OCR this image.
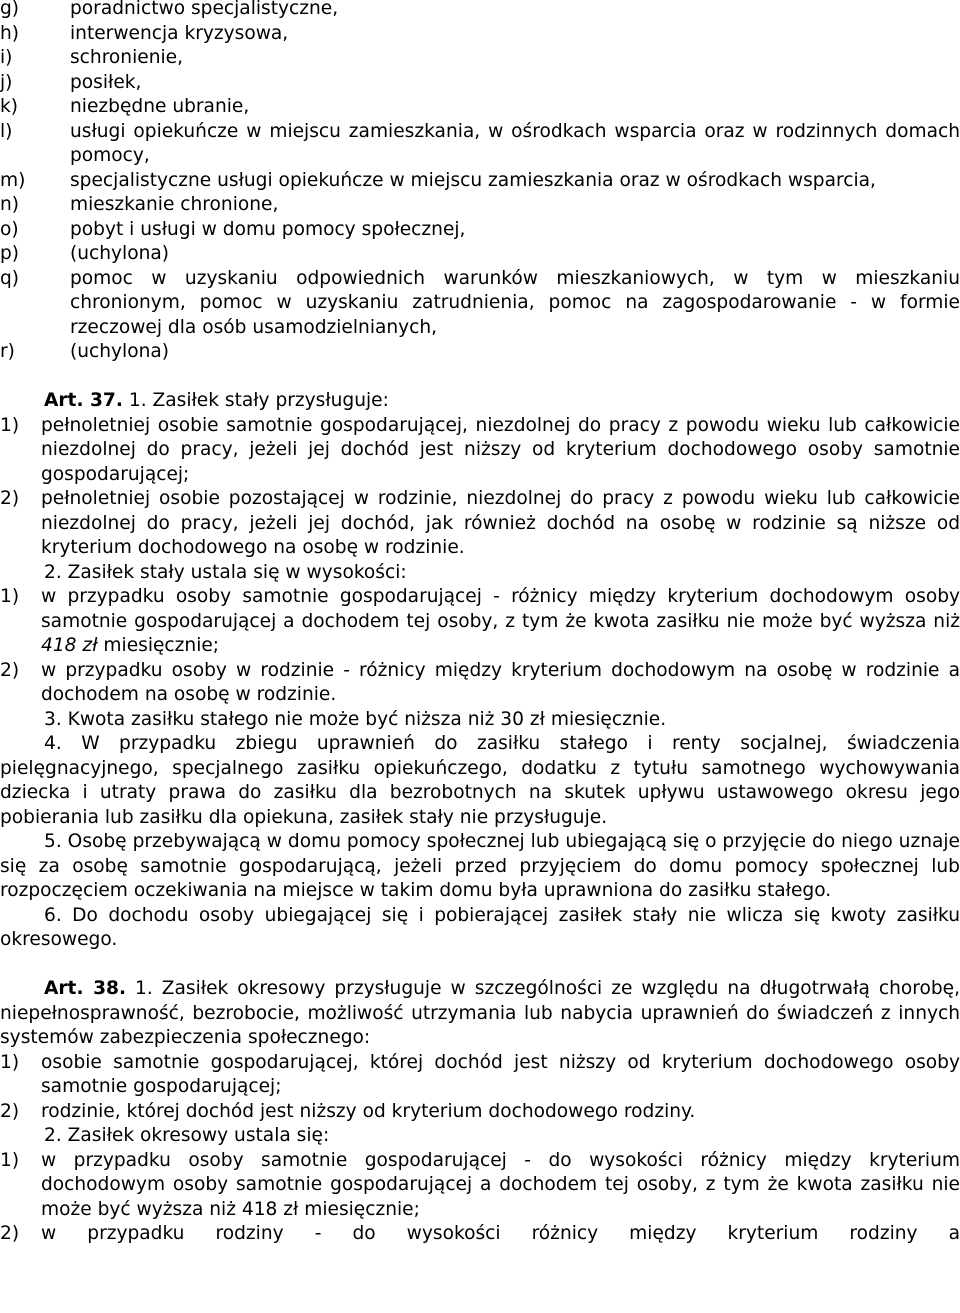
g)	poradnictwo specjalistyczne,
h)	interwencja kryzysowa,
i)	schronienie,
j)	posiłek,
k)	niezbędne ubranie,
l)	usługi opiekuńcze w miejscu zamieszkania, w ośrodkach wsparcia oraz w rodzinnych domach pomocy,
m)	specjalistyczne usługi opiekuńcze w miejscu zamieszkania oraz w ośrodkach wsparcia,
n)	mieszkanie chronione,
o)	pobyt i usługi w domu pomocy społecznej,
p)	(uchylona)
q)	pomoc w uzyskaniu odpowiednich warunków mieszkaniowych, w tym w mieszkaniu chronionym, pomoc w uzyskaniu zatrudnienia, pomoc na zagospodarowanie - w formie rzeczowej dla osób usamodzielnianych,
r)	(uchylona)

Art. 37. 1. Zasiłek stały przysługuje:

1)	pełnoletniej osobie samotnie gospodarującej, niezdolnej do pracy z powodu wieku lub całkowicie niezdolnej do pracy, jeżeli jej dochód jest niższy od kryterium dochodowego osoby samotnie gospodarującej;
2)	pełnoletniej osobie pozostającej w rodzinie, niezdolnej do pracy z powodu wieku lub całkowicie niezdolnej do pracy, jeżeli jej dochód, jak również dochód na osobę w rodzinie są niższe od kryterium dochodowego na osobę w rodzinie.

2. Zasiłek stały ustala się w wysokości:

1)	w przypadku osoby samotnie gospodarującej - różnicy między kryterium dochodowym osoby samotnie gospodarującej a dochodem tej osoby, z tym że kwota zasiłku nie może być wyższa niż 418 zł miesięcznie;
2)	w przypadku osoby w rodzinie - różnicy między kryterium dochodowym na osobę w rodzinie a dochodem na osobę w rodzinie.

3. Kwota zasiłku stałego nie może być niższa niż 30 zł miesięcznie.

4. W przypadku zbiegu uprawnień do zasiłku stałego i renty socjalnej, świadczenia pielęgnacyjnego, specjalnego zasiłku opiekuńczego, dodatku z tytułu samotnego wychowywania dziecka i utraty prawa do zasiłku dla bezrobotnych na skutek upływu ustawowego okresu jego pobierania lub zasiłku dla opiekuna, zasiłek stały nie przysługuje.

5. Osobę przebywającą w domu pomocy społecznej lub ubiegającą się o przyjęcie do niego uznaje się za osobę samotnie gospodarującą, jeżeli przed przyjęciem do domu pomocy społecznej lub rozpoczęciem oczekiwania na miejsce w takim domu była uprawniona do zasiłku stałego.

6. Do dochodu osoby ubiegającej się i pobierającej zasiłek stały nie wlicza się kwoty zasiłku okresowego.

Art. 38. 1. Zasiłek okresowy przysługuje w szczególności ze względu na długotrwałą chorobę, niepełnosprawność, bezrobocie, możliwość utrzymania lub nabycia uprawnień do świadczeń z innych systemów zabezpieczenia społecznego:

1)	osobie samotnie gospodarującej, której dochód jest niższy od kryterium dochodowego osoby samotnie gospodarującej;
2)	rodzinie, której dochód jest niższy od kryterium dochodowego rodziny.

2. Zasiłek okresowy ustala się:

1)	w przypadku osoby samotnie gospodarującej - do wysokości różnicy między kryterium dochodowym osoby samotnie gospodarującej a dochodem tej osoby, z tym że kwota zasiłku nie może być wyższa niż 418 zł miesięcznie;
2)	w przypadku rodziny - do wysokości różnicy między kryterium rodziny a
